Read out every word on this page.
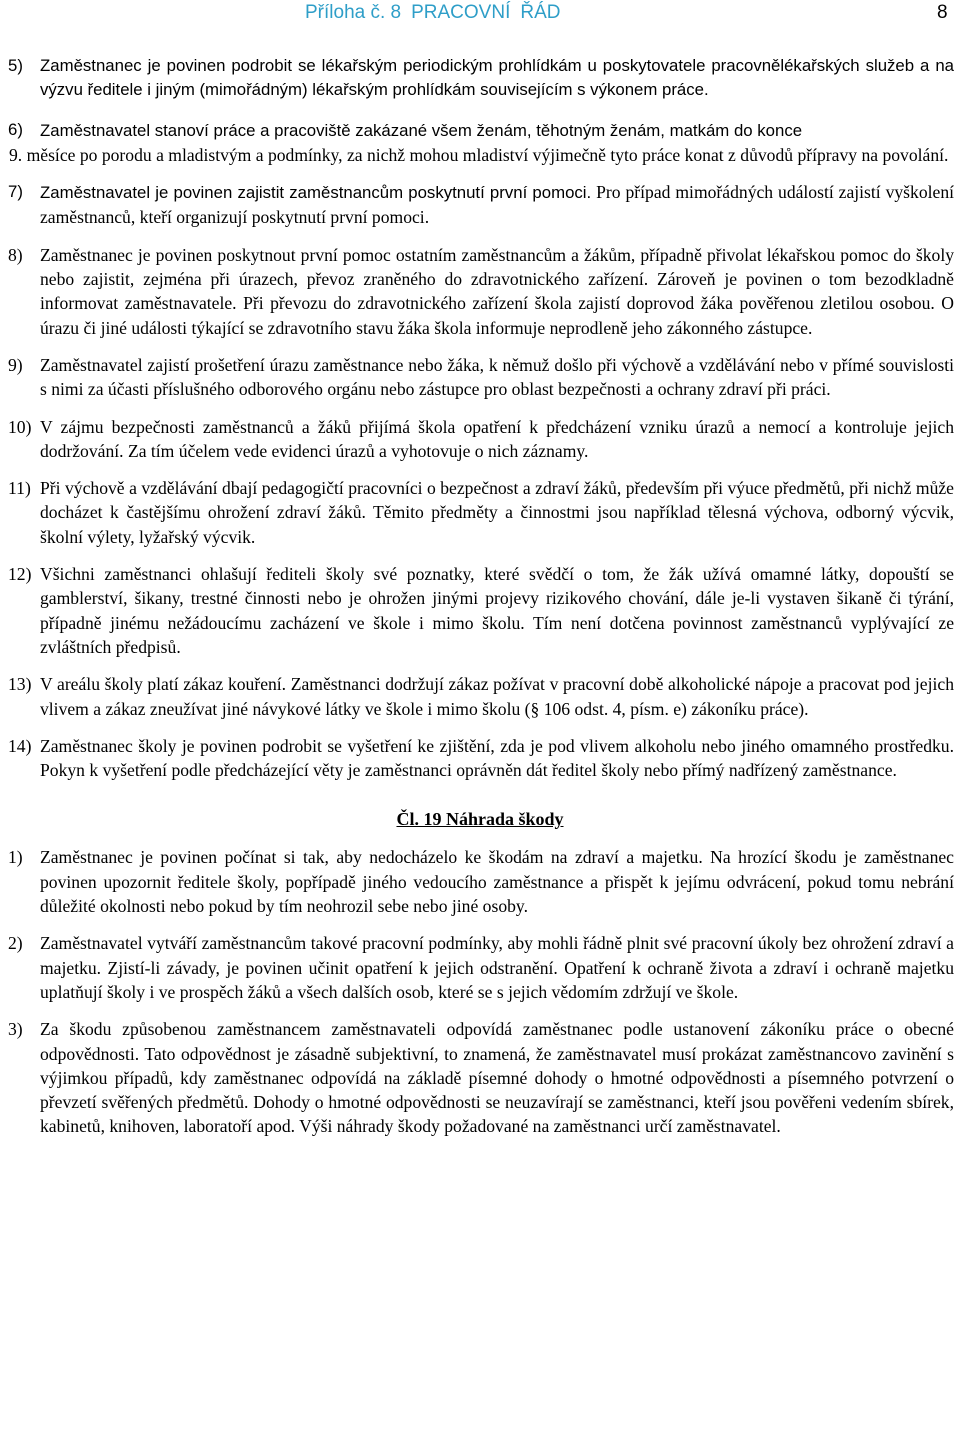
Příloha č. 8 PRACOVNÍ ŘÁD	8
5) Zaměstnanec je povinen podrobit se lékařským periodickým prohlídkám u poskytovatele pracovnělékařských služeb a na výzvu ředitele i jiným (mimořádným) lékařským prohlídkám souvisejícím s výkonem práce.
6) Zaměstnavatel stanoví práce a pracoviště zakázané všem ženám, těhotným ženám, matkám do konce
9. měsíce po porodu a mladistvým a podmínky, za nichž mohou mladiství výjimečně tyto práce konat z důvodů přípravy na povolání.
7) Zaměstnavatel je povinen zajistit zaměstnancům poskytnutí první pomoci. Pro případ mimořádných událostí zajistí vyškolení zaměstnanců, kteří organizují poskytnutí první pomoci.
8) Zaměstnanec je povinen poskytnout první pomoc ostatním zaměstnancům a žákům, případně přivolat lékařskou pomoc do školy nebo zajistit, zejména při úrazech, převoz zraněného do zdravotnického zařízení. Zároveň je povinen o tom bezodkladně informovat zaměstnavatele. Při převozu do zdravotnického zařízení škola zajistí doprovod žáka pověřenou zletilou osobou. O úrazu či jiné události týkající se zdravotního stavu žáka škola informuje neprodleně jeho zákonného zástupce.
9) Zaměstnavatel zajistí prošetření úrazu zaměstnance nebo žáka, k němuž došlo při výchově a vzdělávání nebo v přímé souvislosti s nimi za účasti příslušného odborového orgánu nebo zástupce pro oblast bezpečnosti a ochrany zdraví při práci.
10) V zájmu bezpečnosti zaměstnanců a žáků přijímá škola opatření k předcházení vzniku úrazů a nemocí a kontroluje jejich dodržování. Za tím účelem vede evidenci úrazů a vyhotovuje o nich záznamy.
11) Při výchově a vzdělávání dbají pedagogičtí pracovníci o bezpečnost a zdraví žáků, především při výuce předmětů, při nichž může docházet k častějšímu ohrožení zdraví žáků. Těmito předměty a činnostmi jsou například tělesná výchova, odborný výcvik, školní výlety, lyžařský výcvik.
12) Všichni zaměstnanci ohlašují řediteli školy své poznatky, které svědčí o tom, že žák užívá omamné látky, dopouští se gamblerství, šikany, trestné činnosti nebo je ohrožen jinými projevy rizikového chování, dále je-li vystaven šikaně či týrání, případně jinému nežádoucímu zacházení ve škole i mimo školu. Tím není dotčena povinnost zaměstnanců vyplývající ze zvláštních předpisů.
13) V areálu školy platí zákaz kouření. Zaměstnanci dodržují zákaz požívat v pracovní době alkoholické nápoje a pracovat pod jejich vlivem a zákaz zneužívat jiné návykové látky ve škole i mimo školu (§ 106 odst. 4, písm. e) zákoníku práce).
14) Zaměstnanec školy je povinen podrobit se vyšetření ke zjištění, zda je pod vlivem alkoholu nebo jiného omamného prostředku. Pokyn k vyšetření podle předcházející věty je zaměstnanci oprávněn dát ředitel školy nebo přímý nadřízený zaměstnance.
Čl. 19 Náhrada škody
1) Zaměstnanec je povinen počínat si tak, aby nedocházelo ke škodám na zdraví a majetku. Na hrozící škodu je zaměstnanec povinen upozornit ředitele školy, popřípadě jiného vedoucího zaměstnance a přispět k jejímu odvrácení, pokud tomu nebrání důležité okolnosti nebo pokud by tím neohrozil sebe nebo jiné osoby.
2) Zaměstnavatel vytváří zaměstnancům takové pracovní podmínky, aby mohli řádně plnit své pracovní úkoly bez ohrožení zdraví a majetku. Zjistí-li závady, je povinen učinit opatření k jejich odstranění. Opatření k ochraně života a zdraví i ochraně majetku uplatňují školy i ve prospěch žáků a všech dalších osob, které se s jejich vědomím zdržují ve škole.
3) Za škodu způsobenou zaměstnancem zaměstnavateli odpovídá zaměstnanec podle ustanovení zákoníku práce o obecné odpovědnosti. Tato odpovědnost je zásadně subjektivní, to znamená, že zaměstnavatel musí prokázat zaměstnancovo zavinění s výjimkou případů, kdy zaměstnanec odpovídá na základě písemné dohody o hmotné odpovědnosti a písemného potvrzení o převzetí svěřených předmětů. Dohody o hmotné odpovědnosti se neuzavírají se zaměstnanci, kteří jsou pověřeni vedením sbírek, kabinetů, knihoven, laboratoří apod. Výši náhrady škody požadované na zaměstnanci určí zaměstnavatel.
